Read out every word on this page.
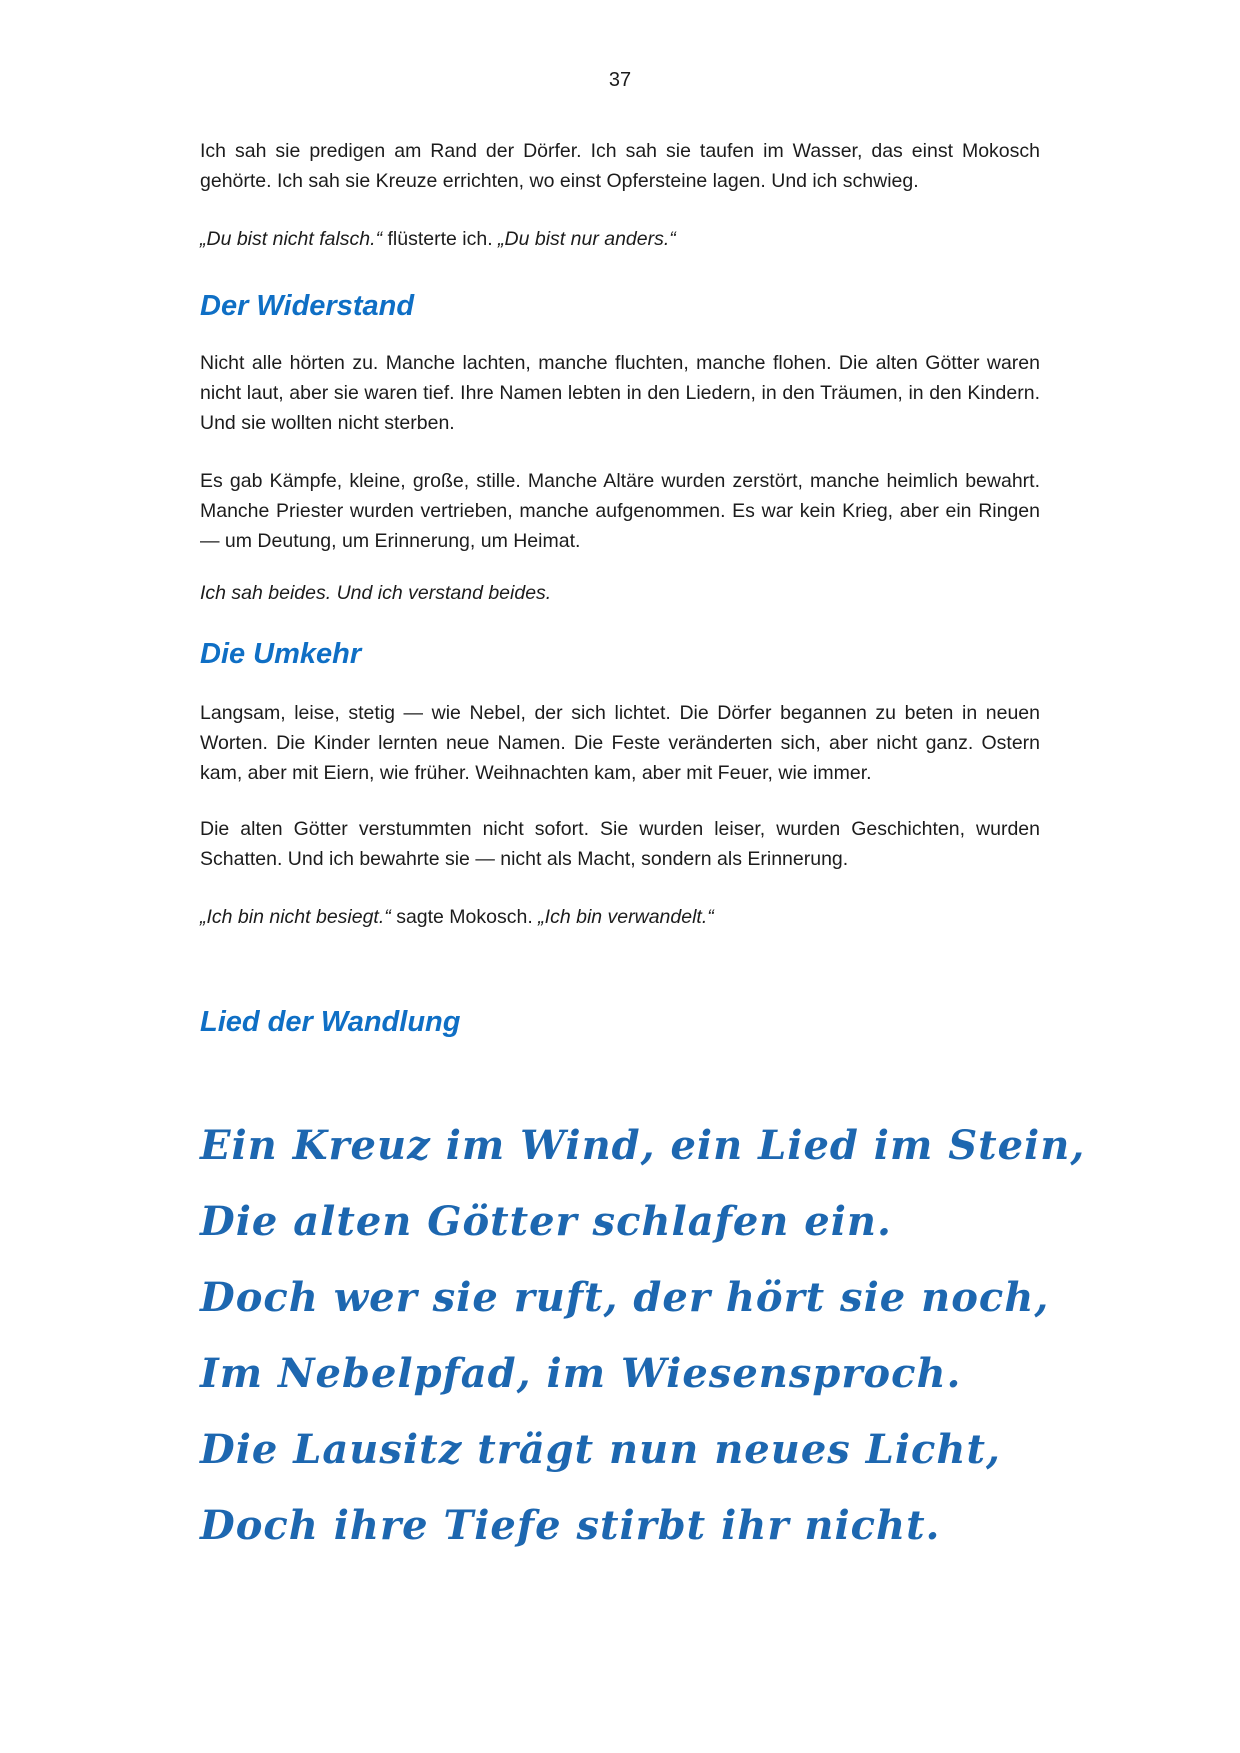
37

Ich sah sie predigen am Rand der Dörfer. Ich sah sie taufen im Wasser, das einst Mokosch gehörte. Ich sah sie Kreuze errichten, wo einst Opfersteine lagen. Und ich schwieg.

„Du bist nicht falsch.“ flüsterte ich. „Du bist nur anders.“

Der Widerstand

Nicht alle hörten zu. Manche lachten, manche fluchten, manche flohen. Die alten Götter waren nicht laut, aber sie waren tief. Ihre Namen lebten in den Liedern, in den Träumen, in den Kindern. Und sie wollten nicht sterben.

Es gab Kämpfe, kleine, große, stille. Manche Altäre wurden zerstört, manche heimlich bewahrt. Manche Priester wurden vertrieben, manche aufgenommen. Es war kein Krieg, aber ein Ringen — um Deutung, um Erinnerung, um Heimat.

Ich sah beides. Und ich verstand beides.

Die Umkehr

Langsam, leise, stetig — wie Nebel, der sich lichtet. Die Dörfer begannen zu beten in neuen Worten. Die Kinder lernten neue Namen. Die Feste veränderten sich, aber nicht ganz. Ostern kam, aber mit Eiern, wie früher. Weihnachten kam, aber mit Feuer, wie immer.

Die alten Götter verstummten nicht sofort. Sie wurden leiser, wurden Geschichten, wurden Schatten. Und ich bewahrte sie — nicht als Macht, sondern als Erinnerung.

„Ich bin nicht besiegt.“ sagte Mokosch. „Ich bin verwandelt.“

Lied der Wandlung
Ein Kreuz im Wind, ein Lied im Stein,
Die alten Götter schlafen ein.
Doch wer sie ruft, der hört sie noch,
Im Nebelpfad, im Wiesensproch.
Die Lausitz trägt nun neues Licht,
Doch ihre Tiefe stirbt ihr nicht.
